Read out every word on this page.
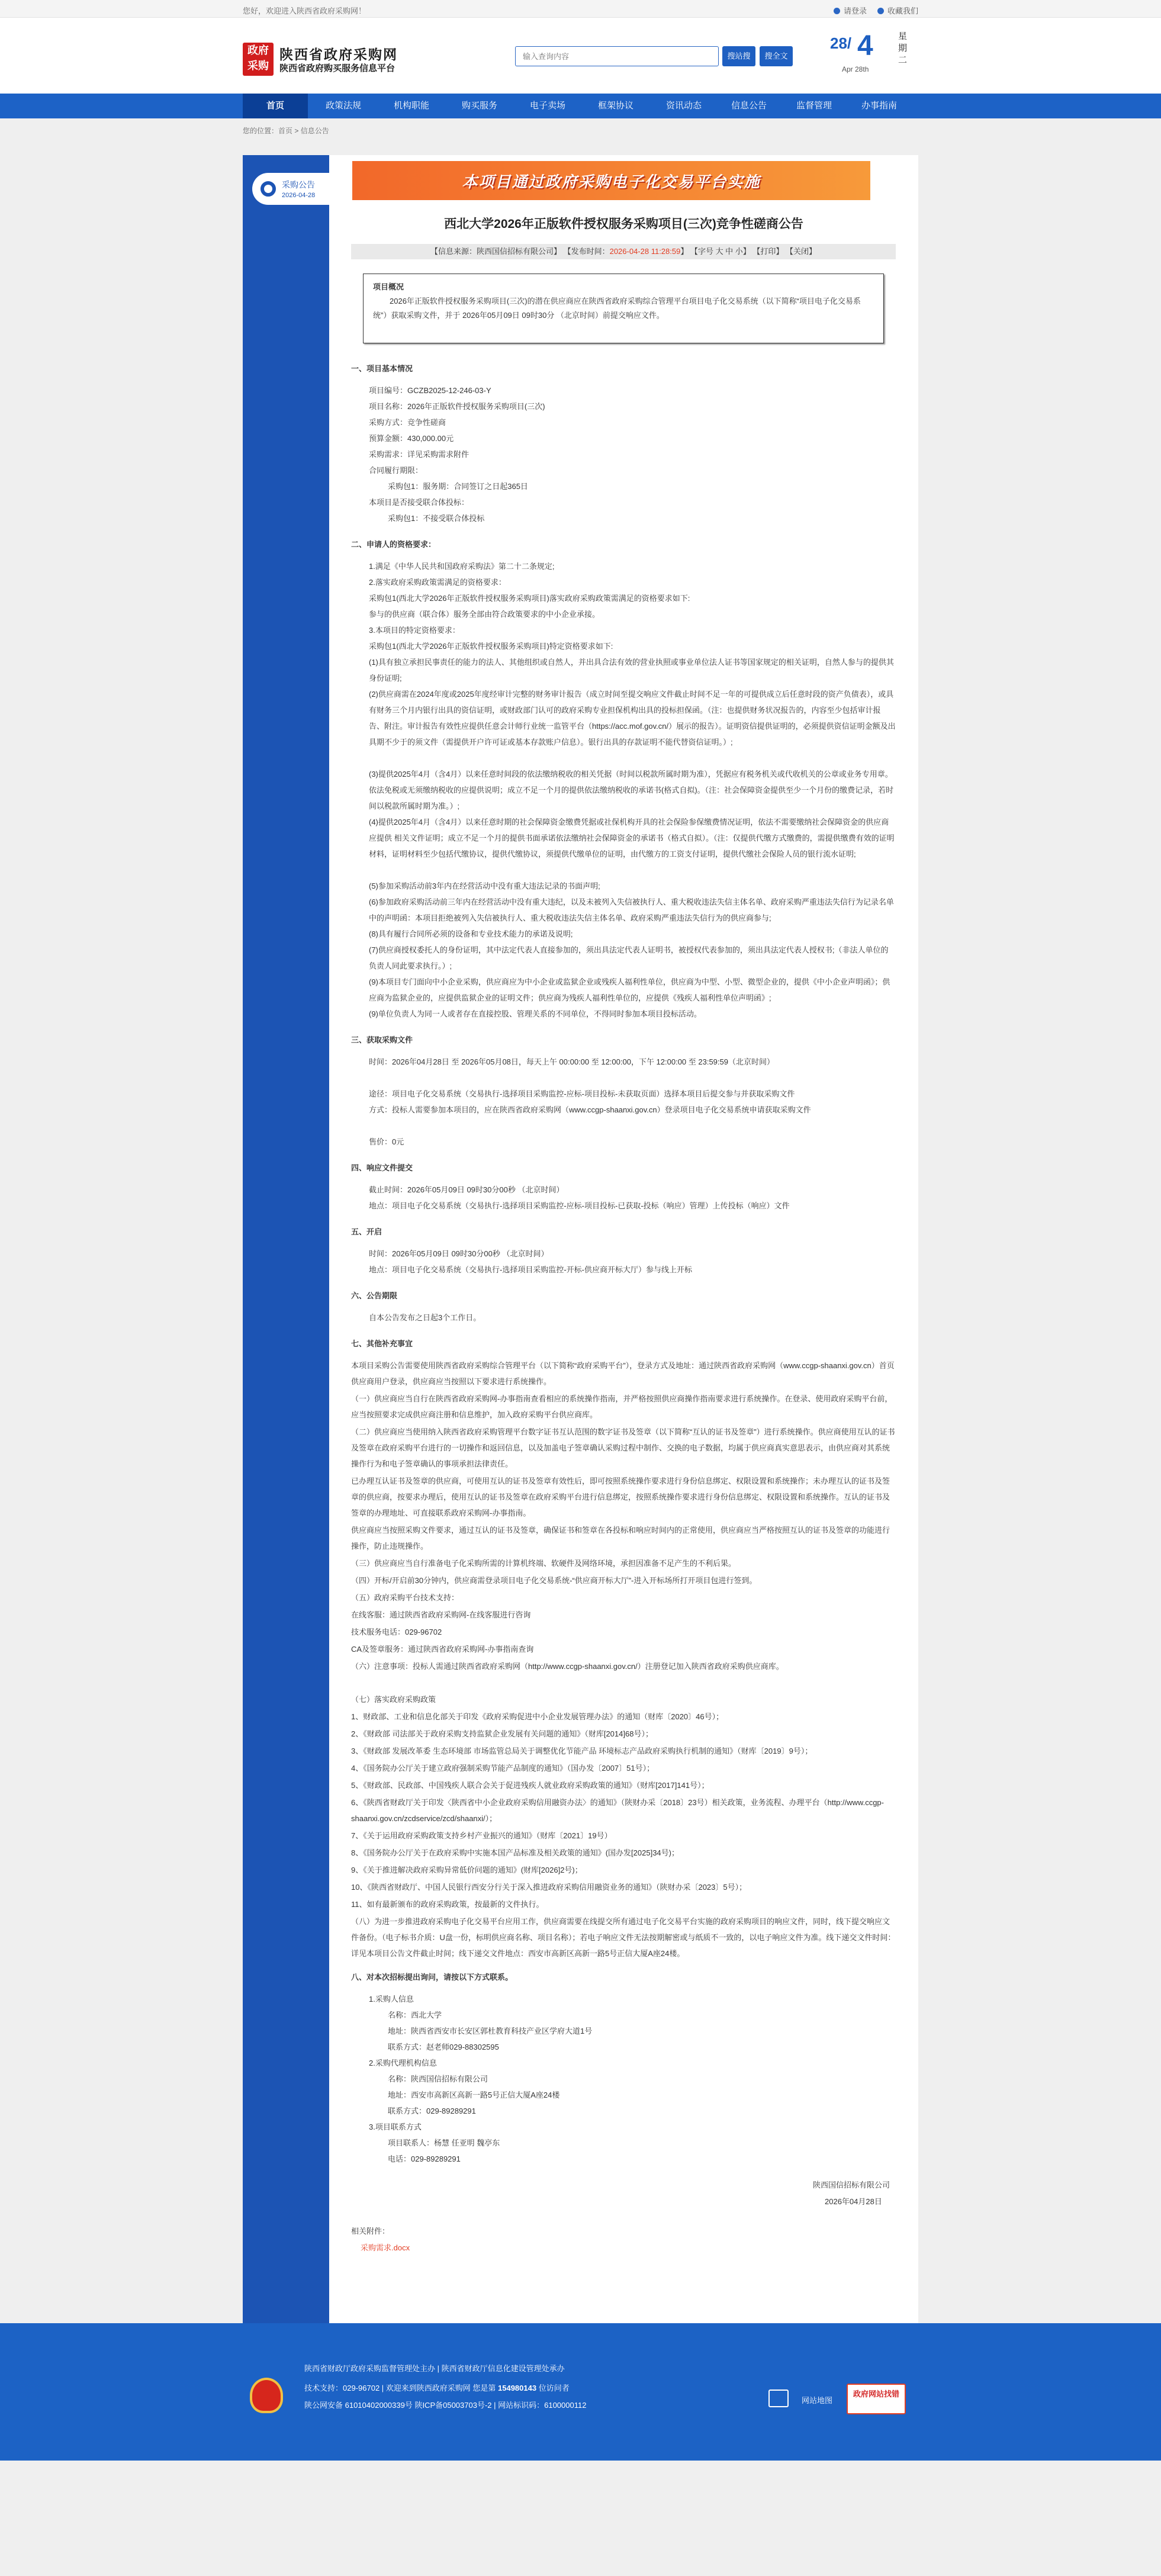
您好，欢迎进入陕西省政府采购网！	请登录	收藏我们
政府采购
陕西省政府采购网
陕西省政府购买服务信息平台
输入查询内容
搜站搜	搜全文
28/ 4
Apr 28th
星期二
首页	政策法规	机构职能	购买服务	电子卖场	框架协议	资讯动态	信息公告	监督管理	办事指南
您的位置：首页 > 信息公告
采购公告
2026-04-28
本项目通过政府采购电子化交易平台实施
西北大学2026年正版软件授权服务采购项目(三次)竞争性磋商公告
【信息来源：陕西国信招标有限公司】 【发布时间：2026-04-28 11:28:59】 【字号 大 中 小】 【打印】 【关闭】
项目概况
2026年正版软件授权服务采购项目(三次)的潜在供应商应在陕西省政府采购综合管理平台项目电子化交易系统（以下简称“项目电子化交易系统”）获取采购文件，并于 2026年05月09日 09时30分 （北京时间）前提交响应文件。
一、项目基本情况
项目编号：GCZB2025-12-246-03-Y
项目名称：2026年正版软件授权服务采购项目(三次)
采购方式：竞争性磋商
预算金额：430,000.00元
采购需求：详见采购需求附件
合同履行期限：
采购包1：服务期：合同签订之日起365日
本项目是否接受联合体投标：
采购包1：不接受联合体投标
二、申请人的资格要求：
1.满足《中华人民共和国政府采购法》第二十二条规定;
2.落实政府采购政策需满足的资格要求：
采购包1(西北大学2026年正版软件授权服务采购项目)落实政府采购政策需满足的资格要求如下:
参与的供应商（联合体）服务全部由符合政策要求的中小企业承接。
3.本项目的特定资格要求：
采购包1(西北大学2026年正版软件授权服务采购项目)特定资格要求如下:
(1)具有独立承担民事责任的能力的法人、其他组织或自然人，并出具合法有效的营业执照或事业单位法人证书等国家规定的相关证明，自然人参与的提供其身份证明;
(2)供应商需在2024年度或2025年度经审计完整的财务审计报告（成立时间至提交响应文件截止时间不足一年的可提供成立后任意时段的资产负债表），或具有财务三个月内银行出具的资信证明，或财政部门认可的政府采购专业担保机构出具的投标担保函。（注：也提供财务状况报告的，内容至少包括审计报告、附注。审计报告有效性应提供任意会计师行业统一监管平台（https://acc.mof.gov.cn/）展示的报告）。证明资信提供证明的，必须提供资信证明金额及出具期不少于的须文件（需提供开户许可证或基本存款账户信息）。银行出具的存款证明不能代替资信证明。）;
(3)提供2025年4月（含4月）以来任意时间段的依法缴纳税收的相关凭据（时间以税款所属时期为准），凭据应有税务机关或代收机关的公章或业务专用章。依法免税或无须缴纳税收的应提供说明；成立不足一个月的提供依法缴纳税收的承诺书(格式自拟)。（注：社会保障资金提供至少一个月份的缴费记录，若时间以税款所属时期为准。）;
(4)提供2025年4月（含4月）以来任意时期的社会保障资金缴费凭据或社保机构开具的社会保险参保缴费情况证明，依法不需要缴纳社会保障资金的供应商应提供 相关文件证明；成立不足一个月的提供书面承诺依法缴纳社会保障资金的承诺书（格式自拟）。（注：仅提供代缴方式缴费的，需提供缴费有效的证明材料，证明材料至少包括代缴协议，提供代缴协议，须提供代缴单位的证明，由代缴方的工资支付证明，提供代缴社会保险人员的银行流水证明;
(5)参加采购活动前3年内在经营活动中没有重大违法记录的书面声明;
(6)参加政府采购活动前三年内在经营活动中没有重大违纪，以及未被列入失信被执行人、重大税收违法失信主体名单、政府采购严重违法失信行为记录名单中的声明函：本项目拒绝被列入失信被执行人、重大税收违法失信主体名单、政府采购严重违法失信行为的供应商参与;
(8)具有履行合同所必须的设备和专业技术能力的承诺及说明;
(7)供应商授权委托人的身份证明，其中法定代表人直接参加的，须出具法定代表人证明书，被授权代表参加的，须出具法定代表人授权书;（非法人单位的负责人同此要求执行。）;
(9)本项目专门面向中小企业采购，供应商应为中小企业或监狱企业或残疾人福利性单位，供应商为中型、小型、微型企业的，提供《中小企业声明函》；供应商为监狱企业的，应提供监狱企业的证明文件；供应商为残疾人福利性单位的，应提供《残疾人福利性单位声明函》;
(9)单位负责人为同一人或者存在直接控股、管理关系的不同单位，不得同时参加本项目投标活动。
三、获取采购文件
时间：2026年04月28日 至 2026年05月08日，每天上午 00:00:00 至 12:00:00，下午 12:00:00 至 23:59:59（北京时间）
途径：项目电子化交易系统（交易执行-选择项目采购监控-应标-项目投标-未获取页面）选择本项目后提交参与并获取采购文件
方式：投标人需要参加本项目的，应在陕西省政府采购网（www.ccgp-shaanxi.gov.cn）登录项目电子化交易系统申请获取采购文件
售价：0元
四、响应文件提交
截止时间：2026年05月09日 09时30分00秒 （北京时间）
地点：项目电子化交易系统（交易执行-选择项目采购监控-应标-项目投标-已获取-投标（响应）管理）上传投标（响应）文件
五、开启
时间：2026年05月09日 09时30分00秒 （北京时间）
地点：项目电子化交易系统（交易执行-选择项目采购监控-开标-供应商开标大厅）参与线上开标
六、公告期限
自本公告发布之日起3个工作日。
七、其他补充事宜
本项目采购公告需要使用陕西省政府采购综合管理平台（以下简称“政府采购平台”），登录方式及地址：通过陕西省政府采购网（www.ccgp-shaanxi.gov.cn）首页供应商用户登录，供应商应当按照以下要求进行系统操作。
（一）供应商应当自行在陕西省政府采购网-办事指南查看相应的系统操作指南，并严格按照供应商操作指南要求进行系统操作。在登录、使用政府采购平台前，应当按照要求完成供应商注册和信息维护，加入政府采购平台供应商库。
（二）供应商应当使用纳入陕西省政府采购管理平台数字证书互认范围的数字证书及签章（以下简称“互认的证书及签章”）进行系统操作。供应商使用互认的证书及签章在政府采购平台进行的一切操作和返回信息，以及加盖电子签章确认采购过程中制作、交换的电子数据，均属于供应商真实意思表示，由供应商对其系统操作行为和电子签章确认的事项承担法律责任。
已办理互认证书及签章的供应商，可使用互认的证书及签章有效性后，即可按照系统操作要求进行身份信息绑定、权限设置和系统操作；未办理互认的证书及签章的供应商，按要求办理后，使用互认的证书及签章在政府采购平台进行信息绑定，按照系统操作要求进行身份信息绑定、权限设置和系统操作。互认的证书及签章的办理地址、可直接联系政府采购网-办事指南。
供应商应当按照采购文件要求，通过互认的证书及签章，确保证书和签章在各投标和响应时间内的正常使用，供应商应当严格按照互认的证书及签章的功能进行操作，防止违规操作。
（三）供应商应当自行准备电子化采购所需的计算机终端、软硬件及网络环境，承担因准备不足产生的不利后果。
（四）开标/开启前30分钟内，供应商需登录项目电子化交易系统-“供应商开标大厅”-进入开标场所打开项目包进行签到。
（五）政府采购平台技术支持：
在线客服：通过陕西省政府采购网-在线客服进行咨询
技术服务电话：029-96702
CA及签章服务：通过陕西省政府采购网-办事指南查询
（六）注意事项：投标人需通过陕西省政府采购网（http://www.ccgp-shaanxi.gov.cn/）注册登记加入陕西省政府采购供应商库。
（七）落实政府采购政策
1、财政部、工业和信息化部关于印发《政府采购促进中小企业发展管理办法》的通知（财库〔2020〕46号）；
2、《财政部 司法部关于政府采购支持监狱企业发展有关问题的通知》（财库[2014]68号）；
3、《财政部 发展改革委 生态环境部 市场监管总局关于调整优化节能产品 环境标志产品政府采购执行机制的通知》（财库〔2019〕9号）；
4、《国务院办公厅关于建立政府强制采购节能产品制度的通知》（国办发〔2007〕51号）；
5、《财政部、民政部、中国残疾人联合会关于促进残疾人就业政府采购政策的通知》（财库[2017]141号）；
6、《陕西省财政厅关于印发〈陕西省中小企业政府采购信用融资办法〉的通知》（陕财办采〔2018〕23号）相关政策，业务流程、办理平台（http://www.ccgp-shaanxi.gov.cn/zcdservice/zcd/shaanxi/）；
7、《关于运用政府采购政策支持乡村产业振兴的通知》（财库〔2021〕19号）
8、《国务院办公厅关于在政府采购中实施本国产品标准及相关政策的通知》(国办发[2025]34号)；
9、《关于推进解决政府采购异常低价问题的通知》(财库[2026]2号)；
10、《陕西省财政厅、中国人民银行西安分行关于深入推进政府采购信用融资业务的通知》（陕财办采〔2023〕5号）；
11、如有最新颁布的政府采购政策，按最新的文件执行。
（八）为进一步推进政府采购电子化交易平台应用工作，供应商需要在线提交所有通过电子化交易平台实施的政府采购项目的响应文件，同时，线下提交响应文件备份。（电子标书介质：U盘一份，标明供应商名称、项目名称）；若电子响应文件无法按期解密或与纸质不一致的，以电子响应文件为准。线下递交文件时间：详见本项目公告文件截止时间；线下递交文件地点：西安市高新区高新一路5号正信大厦A座24楼。
八、对本次招标提出询问，请按以下方式联系。
1.采购人信息
名称：西北大学
地址：陕西省西安市长安区郭杜教育科技产业区学府大道1号
联系方式：赵老师029-88302595
2.采购代理机构信息
名称：陕西国信招标有限公司
地址：西安市高新区高新一路5号正信大厦A座24楼
联系方式：029-89289291
3.项目联系方式
项目联系人：杨慧 任亚明 魏亭东
电话：029-89289291
陕西国信招标有限公司
2026年04月28日
相关附件：
采购需求.docx
陕西省财政厅政府采购监督管理处主办 | 陕西省财政厅信息化建设管理处承办
技术支持：029-96702 | 欢迎来到陕西政府采购网 您是第 154980143 位访问者
陕公网安备 61010402000339号 陕ICP备05003703号-2 | 网站标识码：6100000112
网站地图
政府网站找错
